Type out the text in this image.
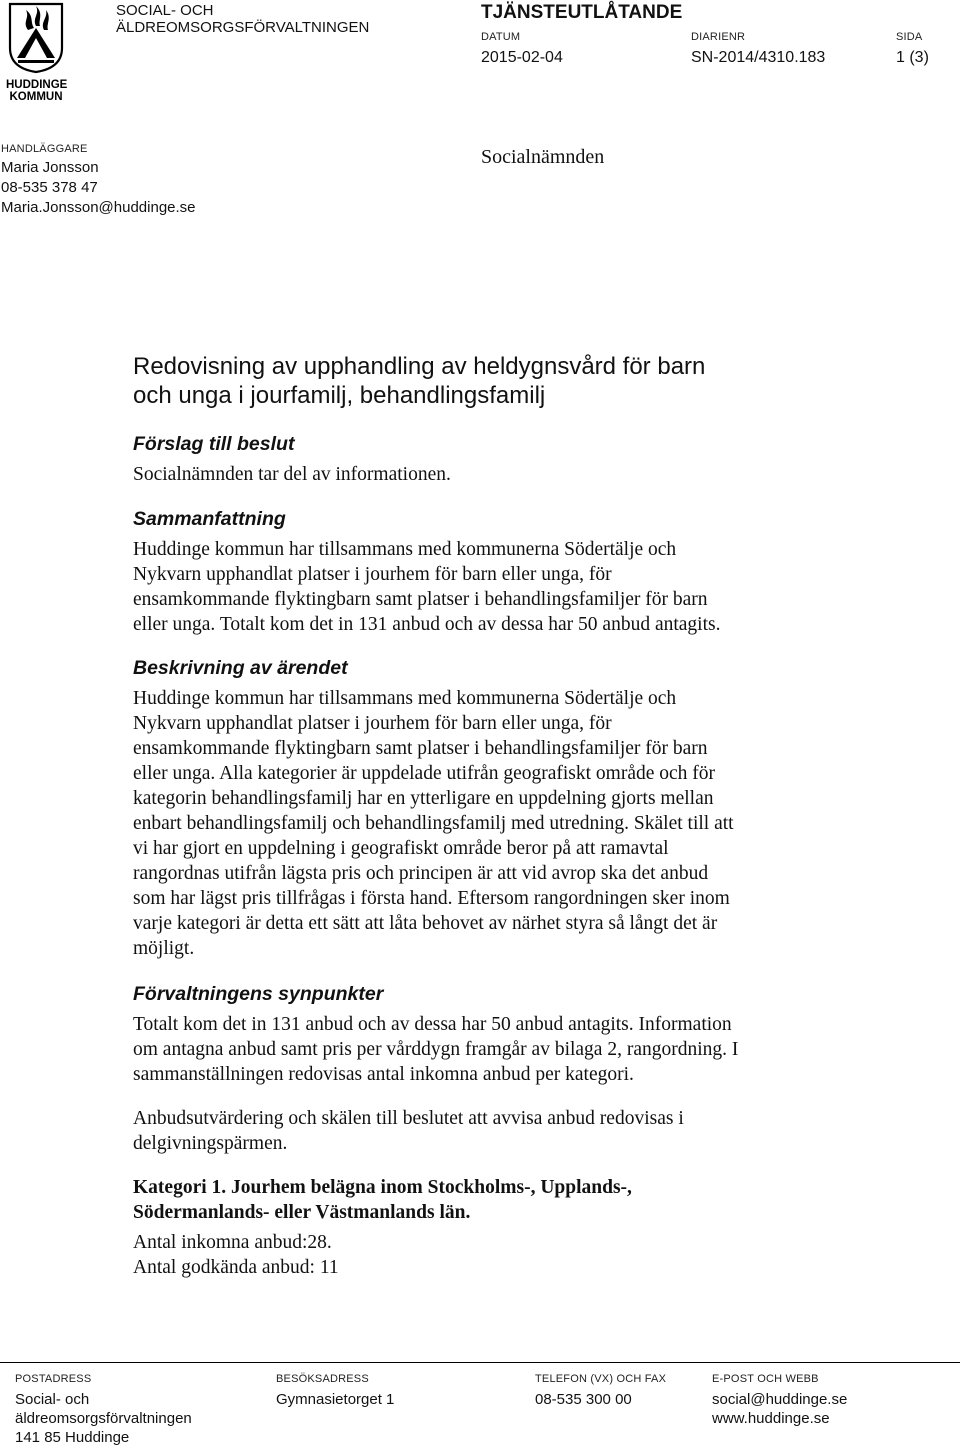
HUDDINGE
KOMMUN
SOCIAL- OCH
ÄLDREOMSORGSFÖRVALTNINGEN
TJÄNSTEUTLÅTANDE
DATUM
2015-02-04
DIARIENR
SN-2014/4310.183
SIDA
1 (3)
HANDLÄGGARE
Maria Jonsson
08-535 378 47
Maria.Jonsson@huddinge.se
Socialnämnden
Redovisning av upphandling av heldygnsvård för barn
och unga i jourfamilj, behandlingsfamilj
Förslag till beslut

Socialnämnden tar del av informationen.

Sammanfattning

Huddinge kommun har tillsammans med kommunerna Södertälje och

Nykvarn upphandlat platser i jourhem för barn eller unga, för

ensamkommande flyktingbarn samt platser i behandlingsfamiljer för barn

eller unga. Totalt kom det in 131 anbud och av dessa har 50 anbud antagits.

Beskrivning av ärendet

Huddinge kommun har tillsammans med kommunerna Södertälje och

Nykvarn upphandlat platser i jourhem för barn eller unga, för

ensamkommande flyktingbarn samt platser i behandlingsfamiljer för barn

eller unga. Alla kategorier är uppdelade utifrån geografiskt område och för

kategorin behandlingsfamilj har en ytterligare en uppdelning gjorts mellan

enbart behandlingsfamilj och behandlingsfamilj med utredning. Skälet till att

vi har gjort en uppdelning i geografiskt område beror på att ramavtal

rangordnas utifrån lägsta pris och principen är att vid avrop ska det anbud

som har lägst pris tillfrågas i första hand. Eftersom rangordningen sker inom

varje kategori är detta ett sätt att låta behovet av närhet styra så långt det är

möjligt.

Förvaltningens synpunkter

Totalt kom det in 131 anbud och av dessa har 50 anbud antagits. Information

om antagna anbud samt pris per vårddygn framgår av bilaga 2, rangordning. I

sammanställningen redovisas antal inkomna anbud per kategori.

Anbudsutvärdering och skälen till beslutet att avvisa anbud redovisas i

delgivningspärmen.

Kategori 1. Jourhem belägna inom Stockholms-, Upplands-,
Södermanlands- eller Västmanlands län.

Antal inkomna anbud:28.

Antal godkända anbud: 11

POSTADRESS
Social- och
äldreomsorgsförvaltningen
141 85 Huddinge
BESÖKSADRESS
Gymnasietorget 1
TELEFON (VX) OCH FAX
08-535 300 00
E-POST OCH WEBB
social@huddinge.se
www.huddinge.se
